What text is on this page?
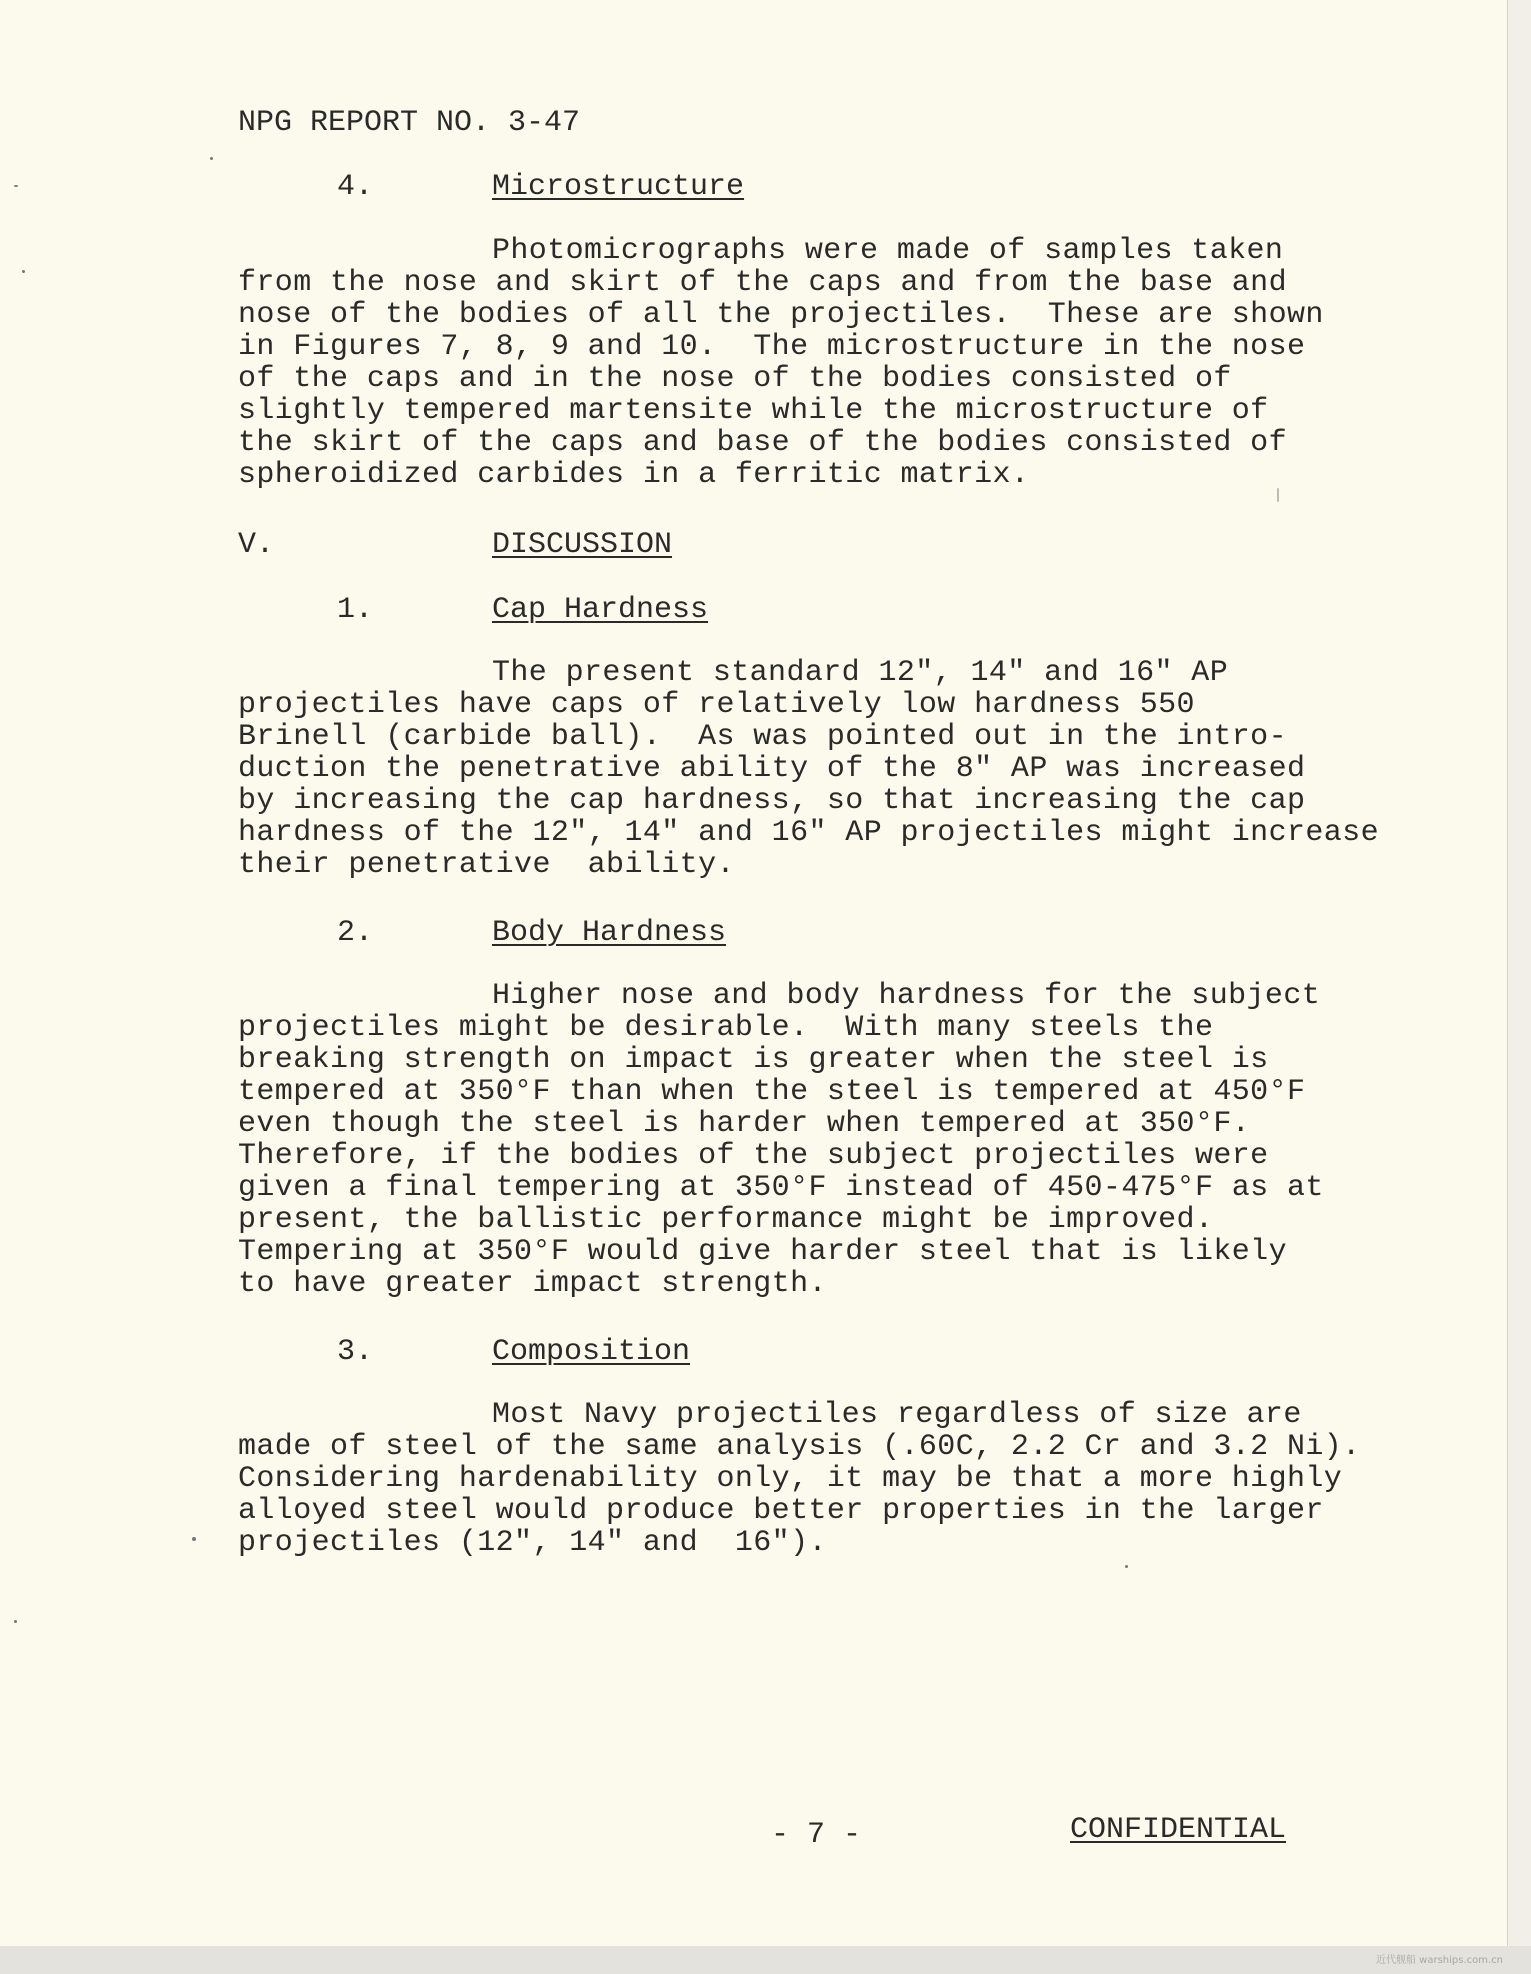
NPG REPORT NO. 3-47
4.	Microstructure
Photomicrographs were made of samples taken
from the nose and skirt of the caps and from the base and
nose of the bodies of all the projectiles.  These are shown
in Figures 7, 8, 9 and 10.  The microstructure in the nose
of the caps and in the nose of the bodies consisted of
slightly tempered martensite while the microstructure of
the skirt of the caps and base of the bodies consisted of
spheroidized carbides in a ferritic matrix.
V.	DISCUSSION
1.	Cap Hardness
The present standard 12", 14" and 16" AP
projectiles have caps of relatively low hardness 550
Brinell (carbide ball).  As was pointed out in the intro-
duction the penetrative ability of the 8" AP was increased
by increasing the cap hardness, so that increasing the cap
hardness of the 12", 14" and 16" AP projectiles might increase
their penetrative  ability.
2.	Body Hardness
Higher nose and body hardness for the subject
projectiles might be desirable.  With many steels the
breaking strength on impact is greater when the steel is
tempered at 350°F than when the steel is tempered at 450°F
even though the steel is harder when tempered at 350°F.
Therefore, if the bodies of the subject projectiles were
given a final tempering at 350°F instead of 450-475°F as at
present, the ballistic performance might be improved.
Tempering at 350°F would give harder steel that is likely
to have greater impact strength.
3.	Composition
Most Navy projectiles regardless of size are
made of steel of the same analysis (.60C, 2.2 Cr and 3.2 Ni).
Considering hardenability only, it may be that a more highly
alloyed steel would produce better properties in the larger
projectiles (12", 14" and  16").
- 7 -	CONFIDENTIAL
近代舰船 warships.com.cn
